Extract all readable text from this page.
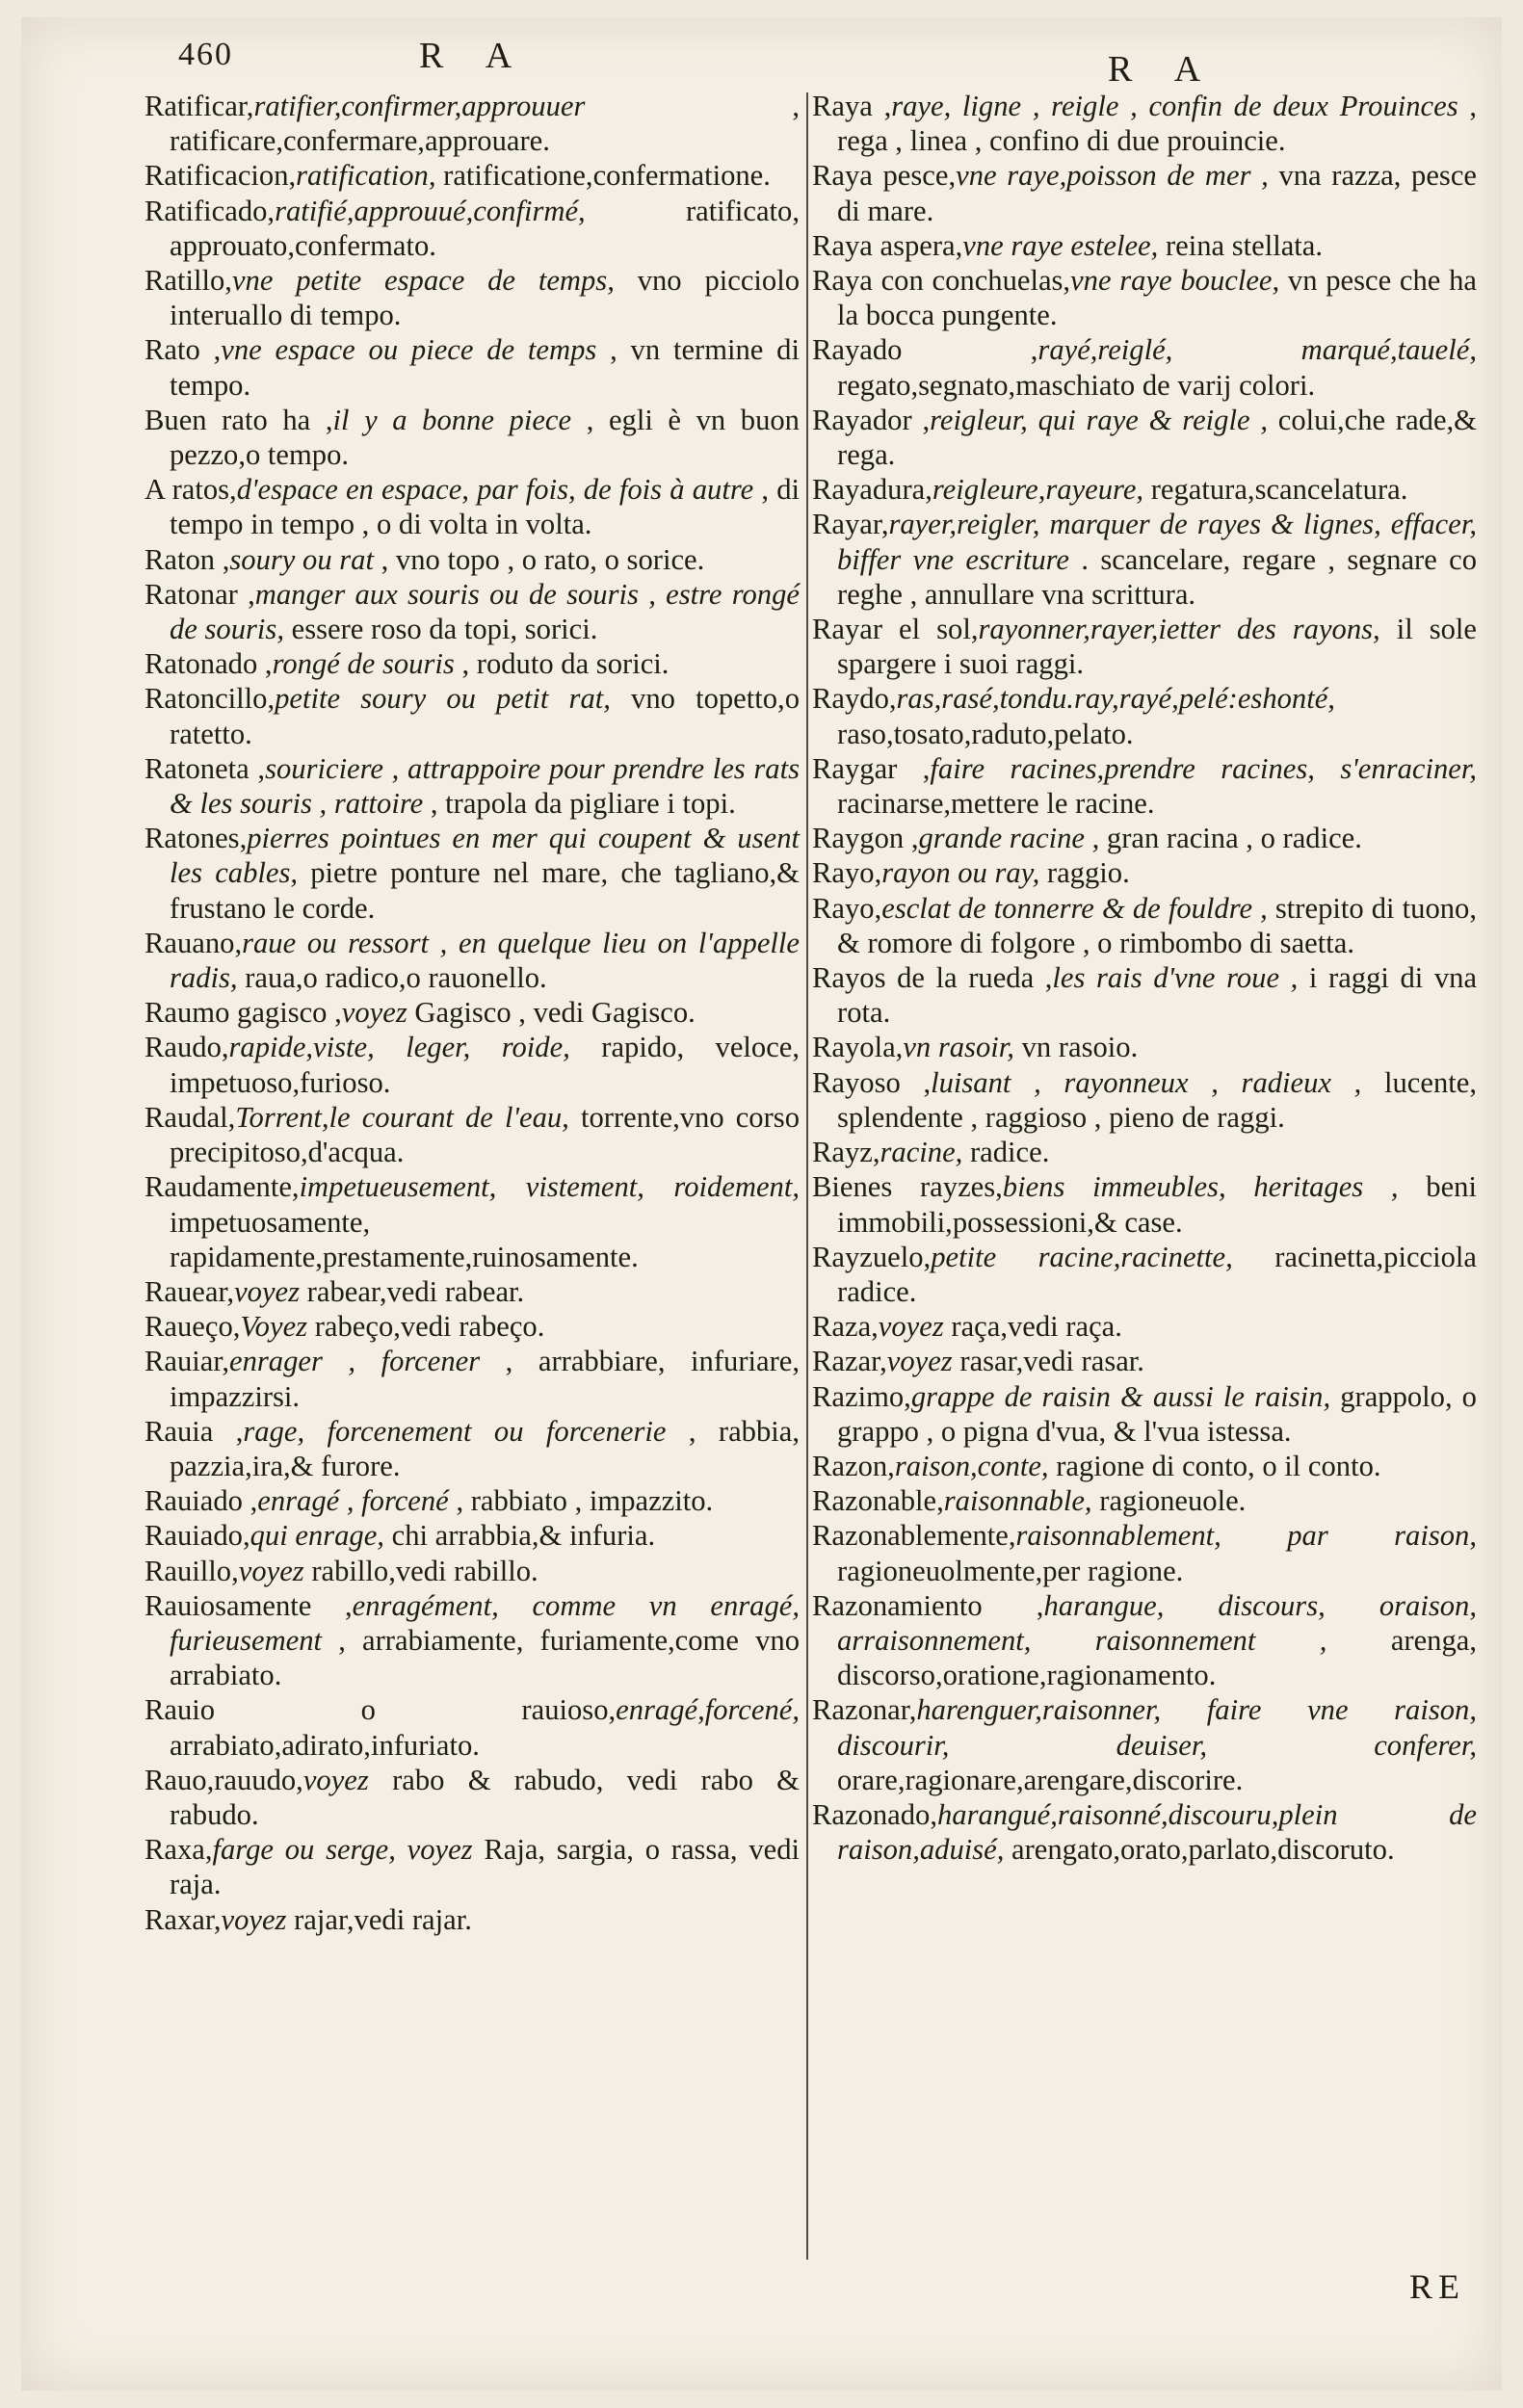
460	R A	R A

Ratificar,ratifier,confirmer,approuuer	, ratificare,confermare,approuare.

Ratificacion,ratification, ratificatione,confermatione.

Ratificado,ratifié,approuué,confirmé,	ratificato, approuato,confermato.

Ratillo,vne petite espace de temps, vno picciolo interuallo di tempo.

Rato ,vne espace ou piece de temps , vn termine di tempo.

Buen rato ha ,il y a bonne piece , egli è vn buon pezzo,o tempo.

A ratos,d'espace en espace, par fois, de fois à autre , di tempo in tempo , o di volta in volta.

Raton ,soury ou rat , vno topo , o rato, o sorice.

Ratonar ,manger aux souris ou de souris , estre rongé de souris, essere roso da topi, sorici.

Ratonado ,rongé de souris , roduto da sorici.

Ratoncillo,petite soury ou petit rat, vno topetto,o ratetto.

Ratoneta ,souriciere , attrappoire pour prendre les rats & les souris , rattoire , trapola da pigliare i topi.

Ratones,pierres pointues en mer qui coupent & usent les cables, pietre ponture nel mare, che tagliano,& frustano le corde.

Rauano,raue ou ressort , en quelque lieu on l'appelle radis, raua,o radico,o rauonello.

Raumo gagisco ,voyez Gagisco , vedi Gagisco.

Raudo,rapide,viste, leger, roide, rapido, veloce, impetuoso,furioso.

Raudal,Torrent,le courant de l'eau, torrente,vno corso precipitoso,d'acqua.

Raudamente,impetueusement, vistement, roidement, impetuosamente, rapidamente,prestamente,ruinosamente.

Rauear,voyez rabear,vedi rabear.

Raueço,Voyez rabeço,vedi rabeço.

Rauiar,enrager , forcener , arrabbiare, infuriare, impazzirsi.

Rauia ,rage, forcenement ou forcenerie , rabbia, pazzia,ira,& furore.

Rauiado ,enragé , forcené , rabbiato , impazzito.

Rauiado,qui enrage, chi arrabbia,& infuria.

Rauillo,voyez rabillo,vedi rabillo.

Rauiosamente ,enragément, comme vn enragé, furieusement , arrabiamente, furiamente,come vno arrabiato.

Rauio o rauioso,enragé,forcené, arrabiato,adirato,infuriato.

Rauo,rauudo,voyez rabo & rabudo, vedi rabo & rabudo.

Raxa,farge ou serge, voyez Raja, sargia, o rassa, vedi raja.

Raxar,voyez rajar,vedi rajar.

Raya ,raye, ligne , reigle , confin de deux Prouinces , rega , linea , confino di due prouincie.

Raya pesce,vne raye,poisson de mer , vna razza, pesce di mare.

Raya aspera,vne raye estelee, reina stellata.

Raya con conchuelas,vne raye bouclee, vn pesce che ha la bocca pungente.

Rayado ,rayé,reiglé, marqué,tauelé, regato,segnato,maschiato de varij colori.

Rayador ,reigleur, qui raye & reigle , colui,che rade,& rega.

Rayadura,reigleure,rayeure, regatura,scancelatura.

Rayar,rayer,reigler, marquer de rayes & lignes, effacer, biffer vne escriture . scancelare, regare , segnare co reghe , annullare vna scrittura.

Rayar el sol,rayonner,rayer,ietter des rayons, il sole spargere i suoi raggi.

Raydo,ras,rasé,tondu.ray,rayé,pelé:eshonté, raso,tosato,raduto,pelato.

Raygar ,faire racines,prendre racines, s'enraciner, racinarse,mettere le racine.

Raygon ,grande racine , gran racina , o radice.

Rayo,rayon ou ray, raggio.

Rayo,esclat de tonnerre & de fouldre , strepito di tuono, & romore di folgore , o rimbombo di saetta.

Rayos de la rueda ,les rais d'vne roue , i raggi di vna rota.

Rayola,vn rasoir, vn rasoio.

Rayoso ,luisant , rayonneux , radieux , lucente, splendente , raggioso , pieno de raggi.

Rayz,racine, radice.

Bienes rayzes,biens immeubles, heritages , beni immobili,possessioni,& case.

Rayzuelo,petite racine,racinette, racinetta,picciola radice.

Raza,voyez raça,vedi raça.

Razar,voyez rasar,vedi rasar.

Razimo,grappe de raisin & aussi le raisin, grappolo, o grappo , o pigna d'vua, & l'vua istessa.

Razon,raison,conte, ragione di conto, o il conto.

Razonable,raisonnable, ragioneuole.

Razonablemente,raisonnablement, par raison, ragioneuolmente,per ragione.

Razonamiento ,harangue, discours, oraison, arraisonnement, raisonnement , arenga, discorso,oratione,ragionamento.

Razonar,harenguer,raisonner, faire vne raison, discourir, deuiser, conferer, orare,ragionare,arengare,discorire.

Razonado,harangué,raisonné,discouru,plein de raison,aduisé, arengato,orato,parlato,discoruto.

RE
